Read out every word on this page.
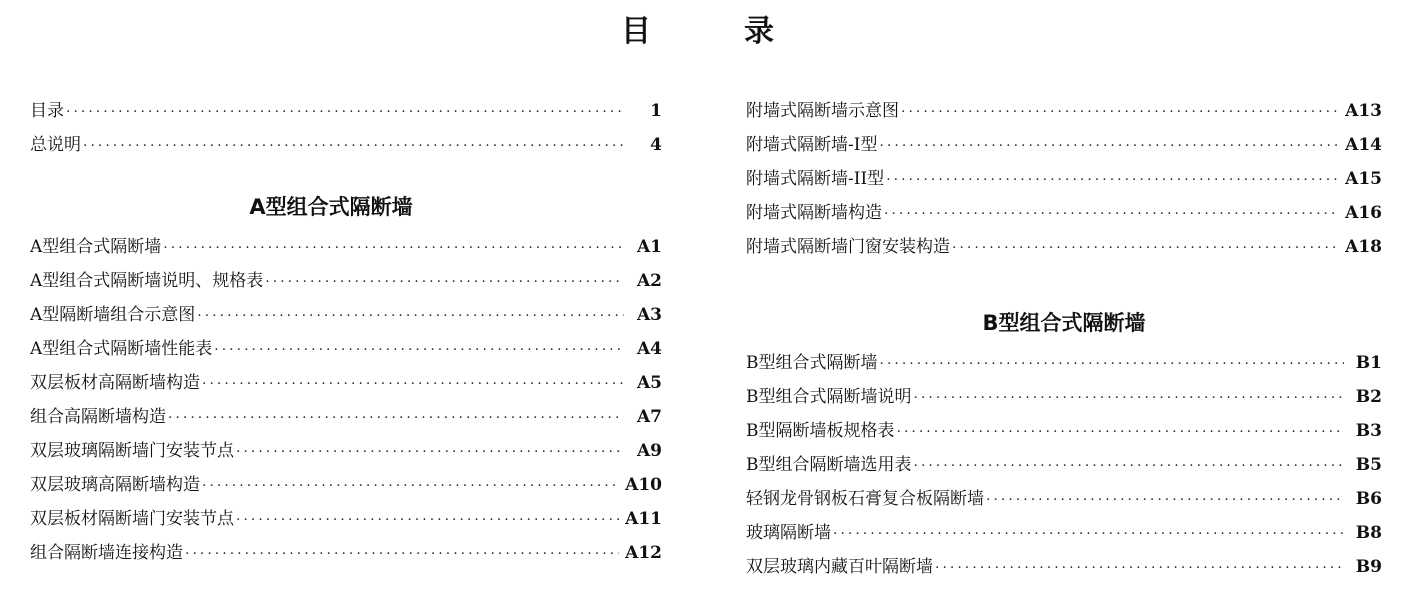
目	录
目录 ·····	1
总说明 ·····	4
A型组合式隔断墙
A型组合式隔断墙 ·····	A1
A型组合式隔断墙说明、规格表 ·····	A2
A型隔断墙组合示意图 ·····	A3
A型组合式隔断墙性能表 ·····	A4
双层板材高隔断墙构造 ·····	A5
组合高隔断墙构造 ·····	A7
双层玻璃隔断墙门安装节点 ·····	A9
双层玻璃高隔断墙构造 ·····	A10
双层板材隔断墙门安装节点 ·····	A11
组合隔断墙连接构造 ·····	A12
附墙式隔断墙示意图 ·····	A13
附墙式隔断墙-I型 ·····	A14
附墙式隔断墙-II型 ·····	A15
附墙式隔断墙构造 ·····	A16
附墙式隔断墙门窗安装构造 ·····	A18
B型组合式隔断墙
B型组合式隔断墙 ·····	B1
B型组合式隔断墙说明 ·····	B2
B型隔断墙板规格表 ·····	B3
B型组合隔断墙选用表 ·····	B5
轻钢龙骨钢板石膏复合板隔断墙 ·····	B6
玻璃隔断墙 ·····	B8
双层玻璃内藏百叶隔断墙 ·····	B9
